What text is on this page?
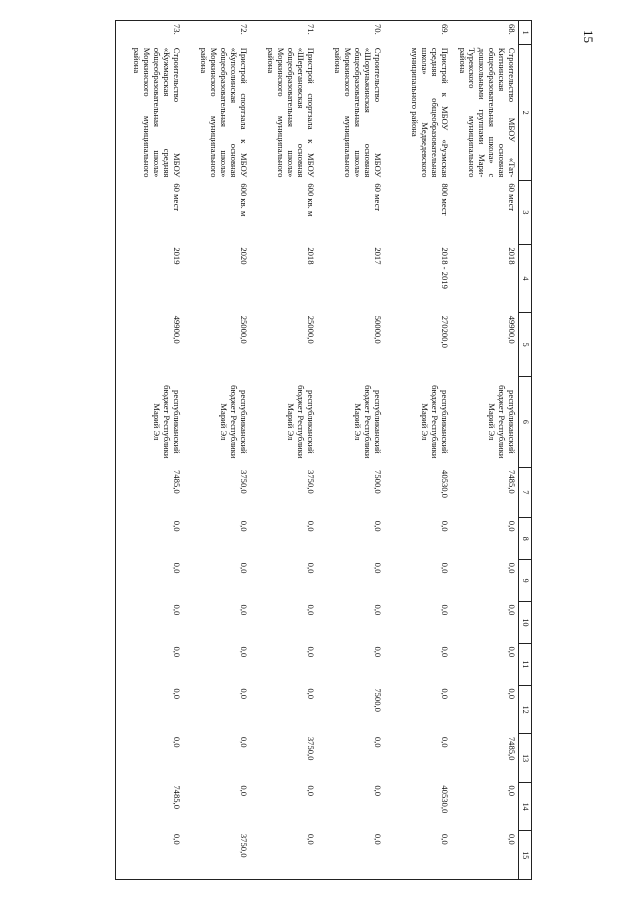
15
1	2	3	4	5	6	7	8	9	10	11	12	13	14	15
68.	Строительство МБОУ «Тат-Китнинская основная общеобразовательная школа» с дошкольными группами Мари-Турекского муниципального района	60 мест	2018	49900,0	республиканский бюджет Республики Марий Эл	7485,0	0,0	0,0	0,0	0,0	0,0	7485,0	0,0	0,0
69.	Пристрой к МБОУ «Руэмская средняя общеобразовательная школа» Медведевского муниципального района	800 мест	2018 - 2019	270200,0	республиканский бюджет Республики Марий Эл	40530,0	0,0	0,0	0,0	0,0	0,0	0,0	40530,0	0,0
70.	Строительство МБОУ «Шоруньжинская основная общеобразовательная школа» Моркинского муниципального района	60 мест	2017	50000,0	республиканский бюджет Республики Марий Эл	7500,0	0,0	0,0	0,0	0,0	7500,0	0,0	0,0	0,0
71.	Пристрой спортзала к МБОУ «Шерегановская основная общеобразовательная школа» Моркинского муниципального района	600 кв. м	2018	25000,0	республиканский бюджет Республики Марий Эл	3750,0	0,0	0,0	0,0	0,0	0,0	3750,0	0,0	0,0
72.	Пристрой спортзала к МБОУ «Купсолинская основная общеобразовательная школа» Моркинского муниципального района	600 кв. м	2020	25000,0	республиканский бюджет Республики Марий Эл	3750,0	0,0	0,0	0,0	0,0	0,0	0,0	0,0	3750,0
73.	Строительство МБОУ «Кужмарская средняя общеобразовательная школа» Моркинского муниципального района	60 мест	2019	49900,0	республиканский бюджет Республики Марий Эл	7485,0	0,0	0,0	0,0	0,0	0,0	0,0	7485,0	0,0
